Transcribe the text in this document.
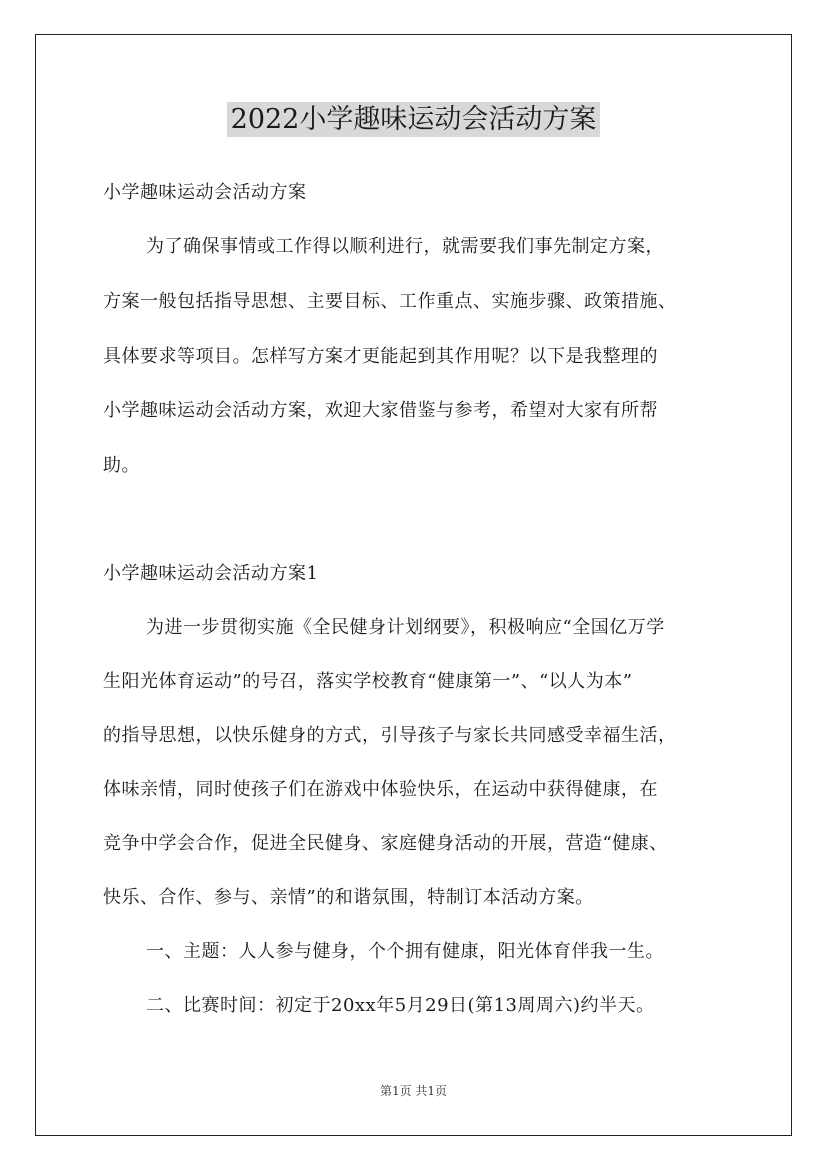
2022小学趣味运动会活动方案
小学趣味运动会活动方案
为了确保事情或工作得以顺利进行，就需要我们事先制定方案，
方案一般包括指导思想、主要目标、工作重点、实施步骤、政策措施、
具体要求等项目。怎样写方案才更能起到其作用呢？以下是我整理的
小学趣味运动会活动方案，欢迎大家借鉴与参考，希望对大家有所帮
助。
小学趣味运动会活动方案1
为进一步贯彻实施《全民健身计划纲要》，积极响应“全国亿万学
生阳光体育运动”的号召，落实学校教育“健康第一”、“以人为本”
的指导思想，以快乐健身的方式，引导孩子与家长共同感受幸福生活，
体味亲情，同时使孩子们在游戏中体验快乐，在运动中获得健康，在
竞争中学会合作，促进全民健身、家庭健身活动的开展，营造“健康、
快乐、合作、参与、亲情”的和谐氛围，特制订本活动方案。
一、主题：人人参与健身，个个拥有健康，阳光体育伴我一生。
二、比赛时间：初定于20xx年5月29日(第13周周六)约半天。
第1页 共1页
